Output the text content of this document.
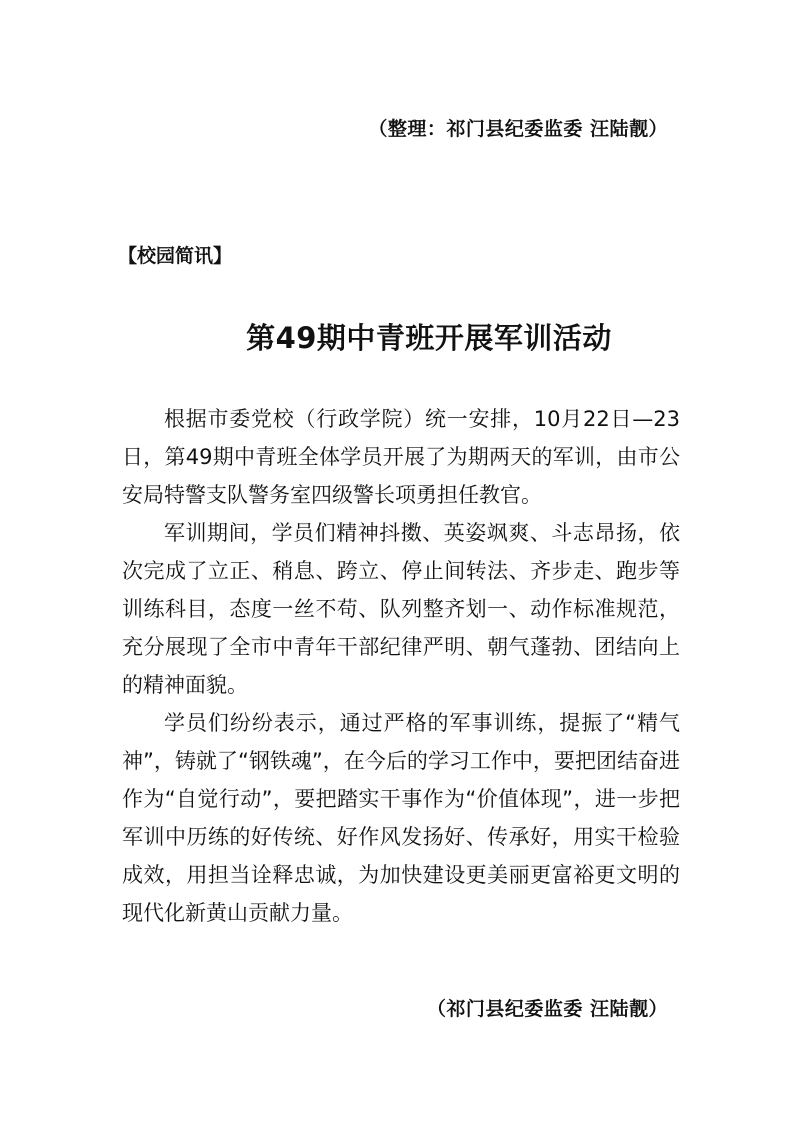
（整理：祁门县纪委监委 汪陆靓）
【校园简讯】
第49期中青班开展军训活动

根据市委党校（行政学院）统一安排，10月22日—23日，第49期中青班全体学员开展了为期两天的军训，由市公安局特警支队警务室四级警长项勇担任教官。

军训期间，学员们精神抖擞、英姿飒爽、斗志昂扬，依次完成了立正、稍息、跨立、停止间转法、齐步走、跑步等训练科目，态度一丝不苟、队列整齐划一、动作标准规范，充分展现了全市中青年干部纪律严明、朝气蓬勃、团结向上的精神面貌。

学员们纷纷表示，通过严格的军事训练，提振了“精气神”，铸就了“钢铁魂”，在今后的学习工作中，要把团结奋进作为“自觉行动”，要把踏实干事作为“价值体现”，进一步把军训中历练的好传统、好作风发扬好、传承好，用实干检验成效，用担当诠释忠诚，为加快建设更美丽更富裕更文明的现代化新黄山贡献力量。

（祁门县纪委监委 汪陆靓）
